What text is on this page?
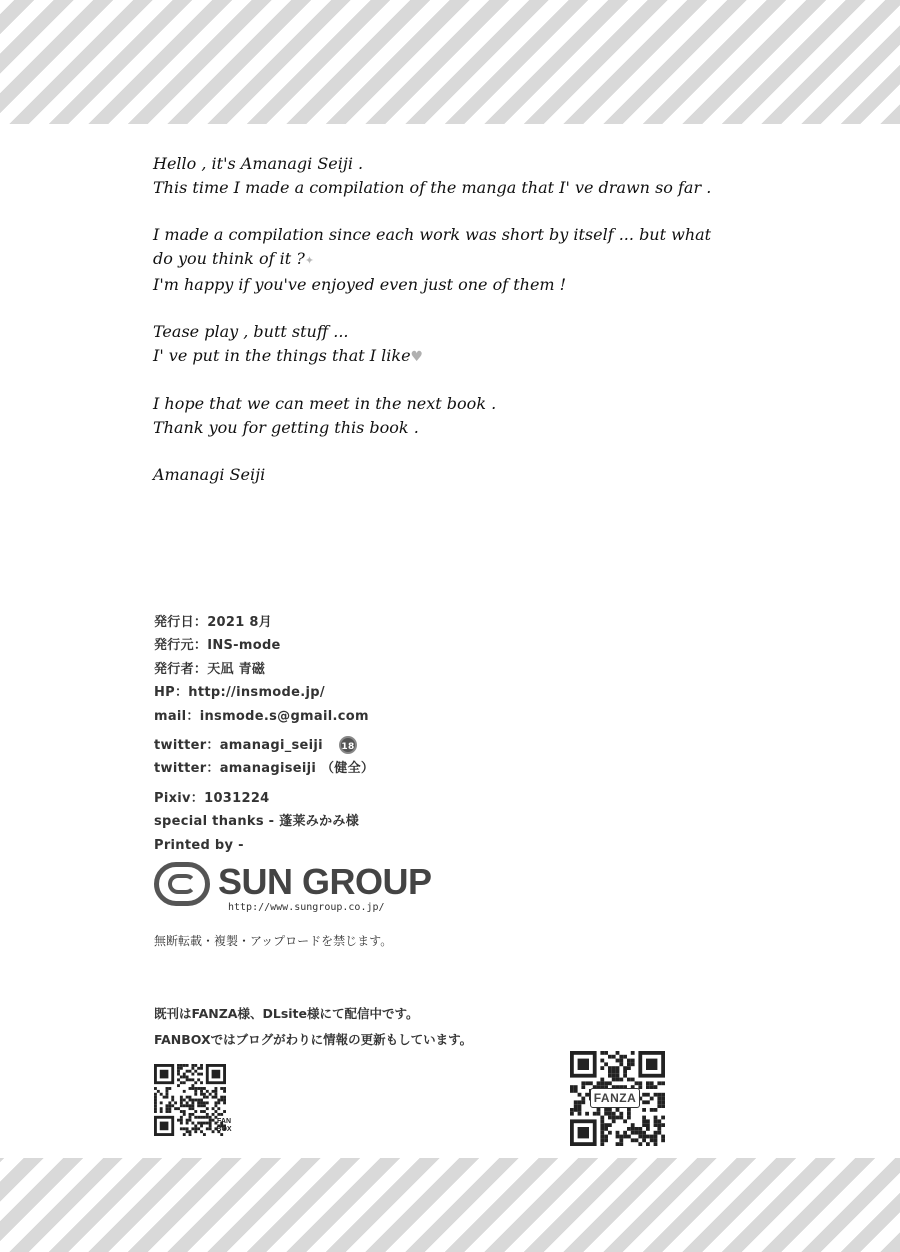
Hello , it's Amanagi Seiji .
This time I made a compilation of the manga that I' ve drawn so far .

I made a compilation since each work was short by itself ... but what
do you think of it ?✦
I'm happy if you've enjoyed even just one of them !

Tease play , butt stuff ...
I' ve put in the things that I like♥

I hope that we can meet in the next book .
Thank you for getting this book .

Amanagi Seiji

発行日：2021 8月
発行元：INS-mode
発行者：天凪 青磁
HP：http://insmode.jp/
mail：insmode.s@gmail.com
twitter：amanagi_seiji 18
twitter：amanagiseiji （健全）
Pixiv：1031224
special thanks - 蓬莱みかみ様
Printed by -
SUN GROUP
http://www.sungroup.co.jp/
無断転載・複製・アップロードを禁じます。
既刊はFANZA様、DLsite様にて配信中です。
FANBOXではブログがわりに情報の更新もしています。
FAN BOX
FANZA
